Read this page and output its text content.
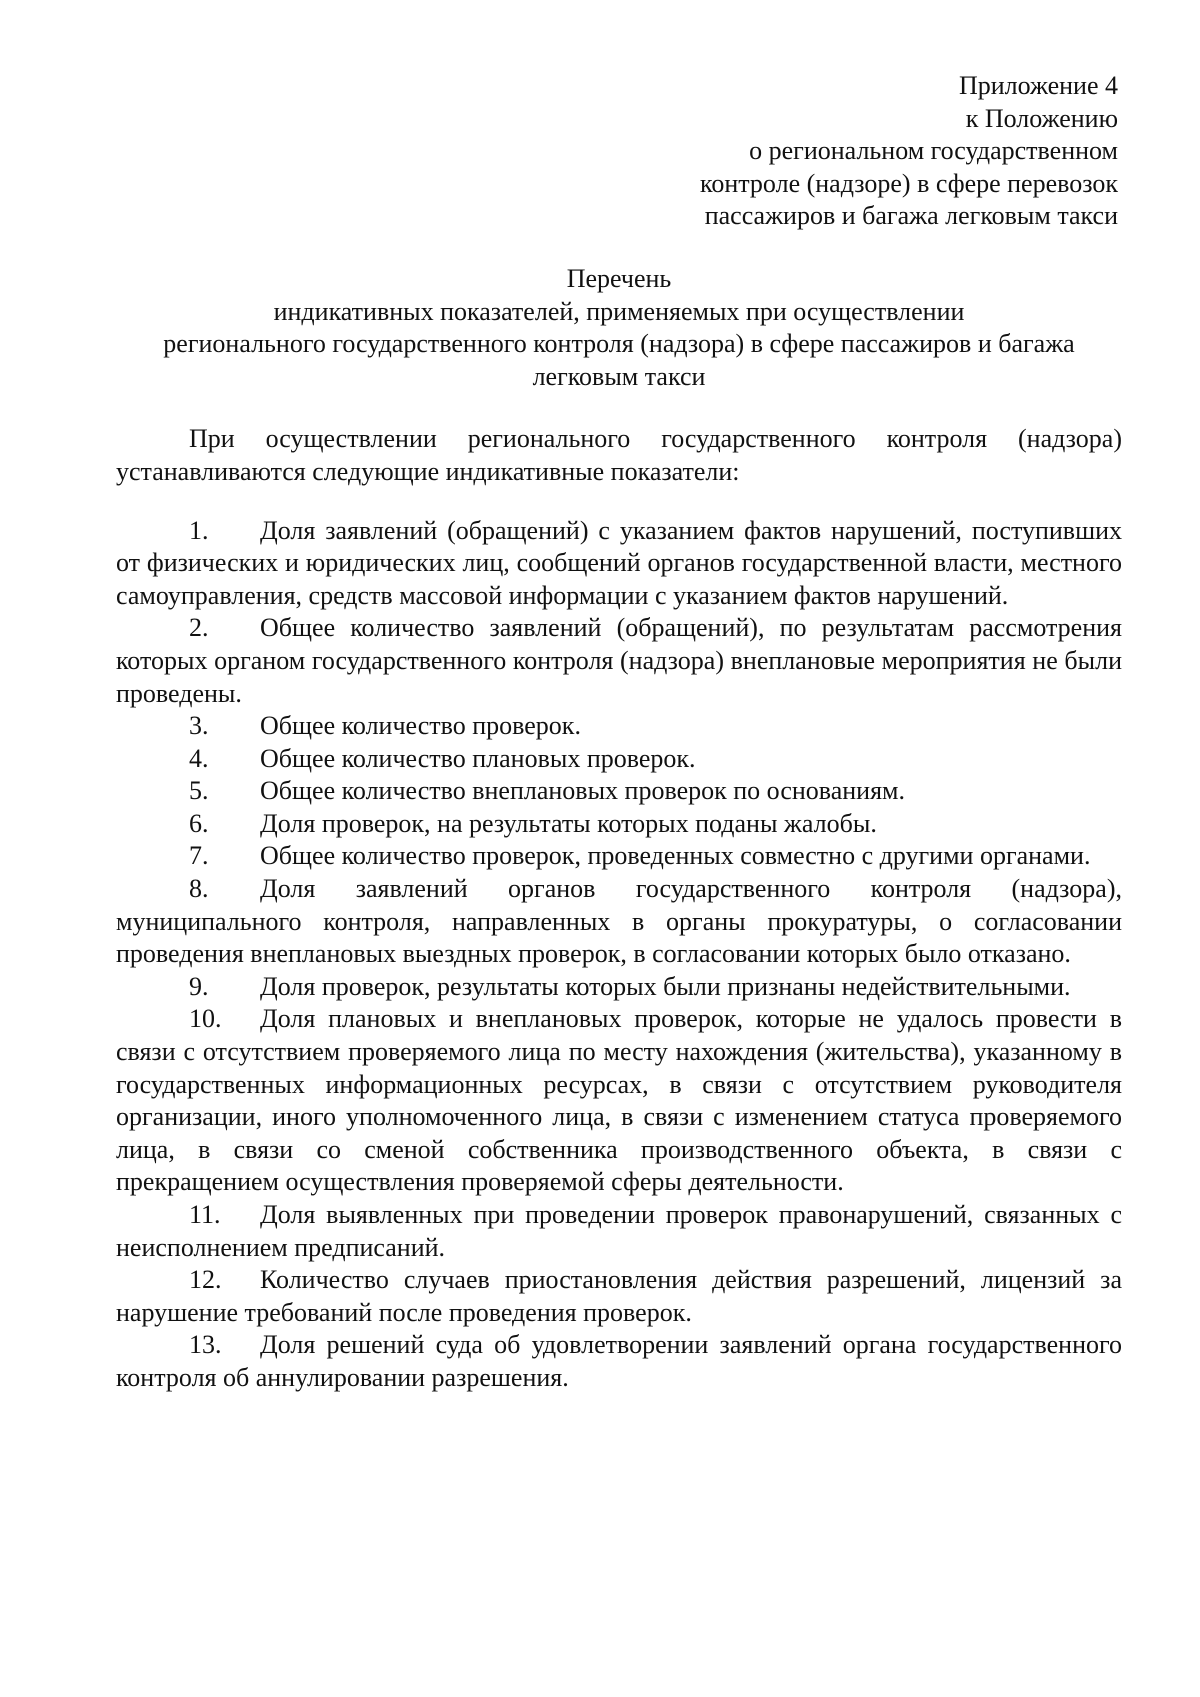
Приложение 4
к Положению
о региональном государственном
контроле (надзоре) в сфере перевозок
пассажиров и багажа легковым такси
Перечень
индикативных показателей, применяемых при осуществлении
регионального государственного контроля (надзора) в сфере пассажиров и багажа
легковым такси

При осуществлении регионального государственного контроля (надзора) устанавливаются следующие индикативные показатели:

1. Доля заявлений (обращений) с указанием фактов нарушений, поступивших от физических и юридических лиц, сообщений органов государственной власти, местного самоуправления, средств массовой информации с указанием фактов нарушений.

2. Общее количество заявлений (обращений), по результатам рассмотрения которых органом государственного контроля (надзора) внеплановые мероприятия не были проведены.

3. Общее количество проверок.

4. Общее количество плановых проверок.

5. Общее количество внеплановых проверок по основаниям.

6. Доля проверок, на результаты которых поданы жалобы.

7. Общее количество проверок, проведенных совместно с другими органами.

8. Доля заявлений органов государственного контроля (надзора), муниципального контроля, направленных в органы прокуратуры, о согласовании проведения внеплановых выездных проверок, в согласовании которых было отказано.

9. Доля проверок, результаты которых были признаны недействительными.

10. Доля плановых и внеплановых проверок, которые не удалось провести в связи с отсутствием проверяемого лица по месту нахождения (жительства), указанному в государственных информационных ресурсах, в связи с отсутствием руководителя организации, иного уполномоченного лица, в связи с изменением статуса проверяемого лица, в связи со сменой собственника производственного объекта, в связи с прекращением осуществления проверяемой сферы деятельности.

11. Доля выявленных при проведении проверок правонарушений, связанных с неисполнением предписаний.

12. Количество случаев приостановления действия разрешений, лицензий за нарушение требований после проведения проверок.

13. Доля решений суда об удовлетворении заявлений органа государственного контроля об аннулировании разрешения.
